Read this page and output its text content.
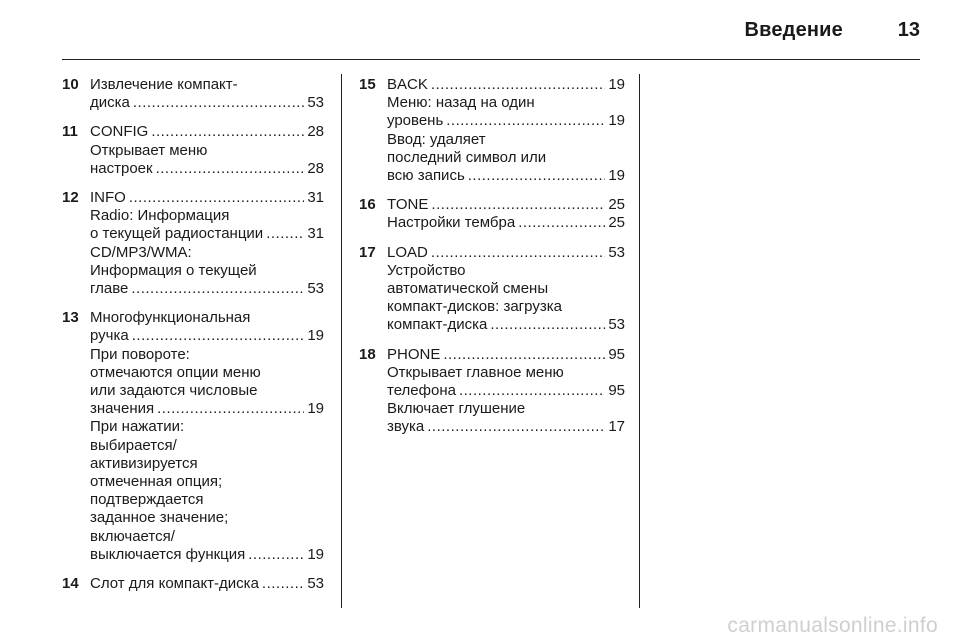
Введение	13
10 Извлечение компакт-
диска .....	53
11 CONFIG .....	28
Открывает меню
настроек .....	28
12 INFO .....	31
Radio: Информация
о текущей радиостанции .....	31
CD/MP3/WMA:
Информация о текущей
главе .....	53
13 Многофункциональная
ручка .....	19
При повороте:
отмечаются опции меню
или задаются числовые
значения .....	19
При нажатии:
выбирается/
активизируется
отмеченная опция;
подтверждается
заданное значение;
включается/
выключается функция .....	19
14 Слот для компакт-диска .....	53
15 BACK .....	19
Меню: назад на один
уровень .....	19
Ввод: удаляет
последний символ или
всю запись .....	19
16 TONE .....	25
Настройки тембра .....	25
17 LOAD .....	53
Устройство
автоматической смены
компакт-дисков: загрузка
компакт-диска .....	53
18 PHONE .....	95
Открывает главное меню
телефона .....	95
Включает глушение
звука .....	17
carmanualsonline.info
